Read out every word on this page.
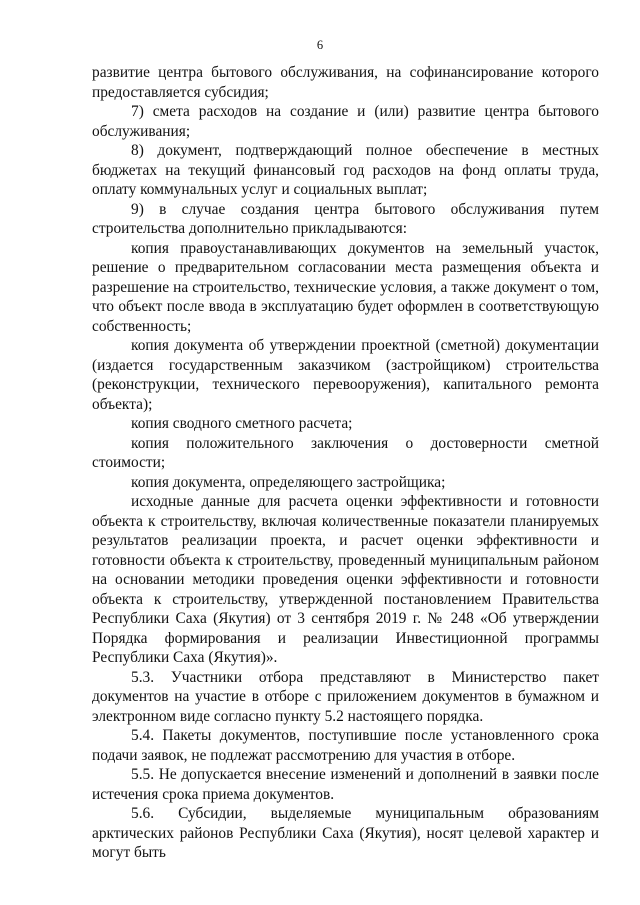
6

развитие центра бытового обслуживания, на софинансирование которого предоставляется субсидия;

7) смета расходов на создание и (или) развитие центра бытового обслуживания;

8) документ, подтверждающий полное обеспечение в местных бюджетах на текущий финансовый год расходов на фонд оплаты труда, оплату коммунальных услуг и социальных выплат;

9) в случае создания центра бытового обслуживания путем строительства дополнительно прикладываются:

копия правоустанавливающих документов на земельный участок, решение о предварительном согласовании места размещения объекта и разрешение на строительство, технические условия, а также документ о том, что объект после ввода в эксплуатацию будет оформлен в соответствующую собственность;

копия документа об утверждении проектной (сметной) документации (издается государственным заказчиком (застройщиком) строительства (реконструкции, технического перевооружения), капитального ремонта объекта);

копия сводного сметного расчета;

копия положительного заключения о достоверности сметной стоимости;

копия документа, определяющего застройщика;

исходные данные для расчета оценки эффективности и готовности объекта к строительству, включая количественные показатели планируемых результатов реализации проекта, и расчет оценки эффективности и готовности объекта к строительству, проведенный муниципальным районом на основании методики проведения оценки эффективности и готовности объекта к строительству, утвержденной постановлением Правительства Республики Саха (Якутия) от 3 сентября 2019 г. № 248 «Об утверждении Порядка формирования и реализации Инвестиционной программы Республики Саха (Якутия)».

5.3. Участники отбора представляют в Министерство пакет документов на участие в отборе с приложением документов в бумажном и электронном виде согласно пункту 5.2 настоящего порядка.

5.4. Пакеты документов, поступившие после установленного срока подачи заявок, не подлежат рассмотрению для участия в отборе.

5.5. Не допускается внесение изменений и дополнений в заявки после истечения срока приема документов.

5.6. Субсидии, выделяемые муниципальным образованиям арктических районов Республики Саха (Якутия), носят целевой характер и могут быть
